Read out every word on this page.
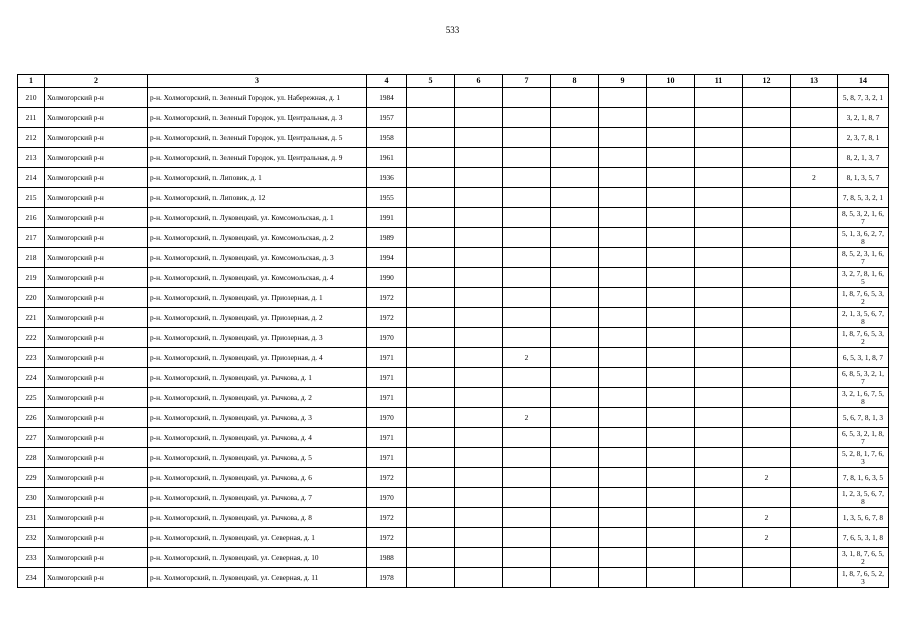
533
1	2	3	4	5	6	7	8	9	10	11	12	13	14
210	Холмогорский р-н	р-н. Холмогорский, п. Зеленый Городок, ул. Набережная, д. 1	1984										5, 8, 7, 3, 2, 1
211	Холмогорский р-н	р-н. Холмогорский, п. Зеленый Городок, ул. Центральная, д. 3	1957										3, 2, 1, 8, 7
212	Холмогорский р-н	р-н. Холмогорский, п. Зеленый Городок, ул. Центральная, д. 5	1958										2, 3, 7, 8, 1
213	Холмогорский р-н	р-н. Холмогорский, п. Зеленый Городок, ул. Центральная, д. 9	1961										8, 2, 1, 3, 7
214	Холмогорский р-н	р-н. Холмогорский, п. Липовик, д. 1	1936									2	8, 1, 3, 5, 7
215	Холмогорский р-н	р-н. Холмогорский, п. Липовик, д. 12	1955										7, 8, 5, 3, 2, 1
216	Холмогорский р-н	р-н. Холмогорский, п. Луковецкий, ул. Комсомольская, д. 1	1991										8, 5, 3, 2, 1, 6, 7
217	Холмогорский р-н	р-н. Холмогорский, п. Луковецкий, ул. Комсомольская, д. 2	1989										5, 1, 3, 6, 2, 7, 8
218	Холмогорский р-н	р-н. Холмогорский, п. Луковецкий, ул. Комсомольская, д. 3	1994										8, 5, 2, 3, 1, 6, 7
219	Холмогорский р-н	р-н. Холмогорский, п. Луковецкий, ул. Комсомольская, д. 4	1990										3, 2, 7, 8, 1, 6, 5
220	Холмогорский р-н	р-н. Холмогорский, п. Луковецкий, ул. Приозерная, д. 1	1972										1, 8, 7, 6, 5, 3, 2
221	Холмогорский р-н	р-н. Холмогорский, п. Луковецкий, ул. Приозерная, д. 2	1972										2, 1, 3, 5, 6, 7, 8
222	Холмогорский р-н	р-н. Холмогорский, п. Луковецкий, ул. Приозерная, д. 3	1970										1, 8, 7, 6, 5, 3, 2
223	Холмогорский р-н	р-н. Холмогорский, п. Луковецкий, ул. Приозерная, д. 4	1971			2							6, 5, 3, 1, 8, 7
224	Холмогорский р-н	р-н. Холмогорский, п. Луковецкий, ул. Рычкова, д. 1	1971										6, 8, 5, 3, 2, 1, 7
225	Холмогорский р-н	р-н. Холмогорский, п. Луковецкий, ул. Рычкова, д. 2	1971										3, 2, 1, 6, 7, 5, 8
226	Холмогорский р-н	р-н. Холмогорский, п. Луковецкий, ул. Рычкова, д. 3	1970			2							5, 6, 7, 8, 1, 3
227	Холмогорский р-н	р-н. Холмогорский, п. Луковецкий, ул. Рычкова, д. 4	1971										6, 5, 3, 2, 1, 8, 7
228	Холмогорский р-н	р-н. Холмогорский, п. Луковецкий, ул. Рычкова, д. 5	1971										5, 2, 8, 1, 7, 6, 3
229	Холмогорский р-н	р-н. Холмогорский, п. Луковецкий, ул. Рычкова, д. 6	1972								2		7, 8, 1, 6, 3, 5
230	Холмогорский р-н	р-н. Холмогорский, п. Луковецкий, ул. Рычкова, д. 7	1970										1, 2, 3, 5, 6, 7, 8
231	Холмогорский р-н	р-н. Холмогорский, п. Луковецкий, ул. Рычкова, д. 8	1972								2		1, 3, 5, 6, 7, 8
232	Холмогорский р-н	р-н. Холмогорский, п. Луковецкий, ул. Северная, д. 1	1972								2		7, 6, 5, 3, 1, 8
233	Холмогорский р-н	р-н. Холмогорский, п. Луковецкий, ул. Северная, д. 10	1988										3, 1, 8, 7, 6, 5, 2
234	Холмогорский р-н	р-н. Холмогорский, п. Луковецкий, ул. Северная, д. 11	1978										1, 8, 7, 6, 5, 2, 3
